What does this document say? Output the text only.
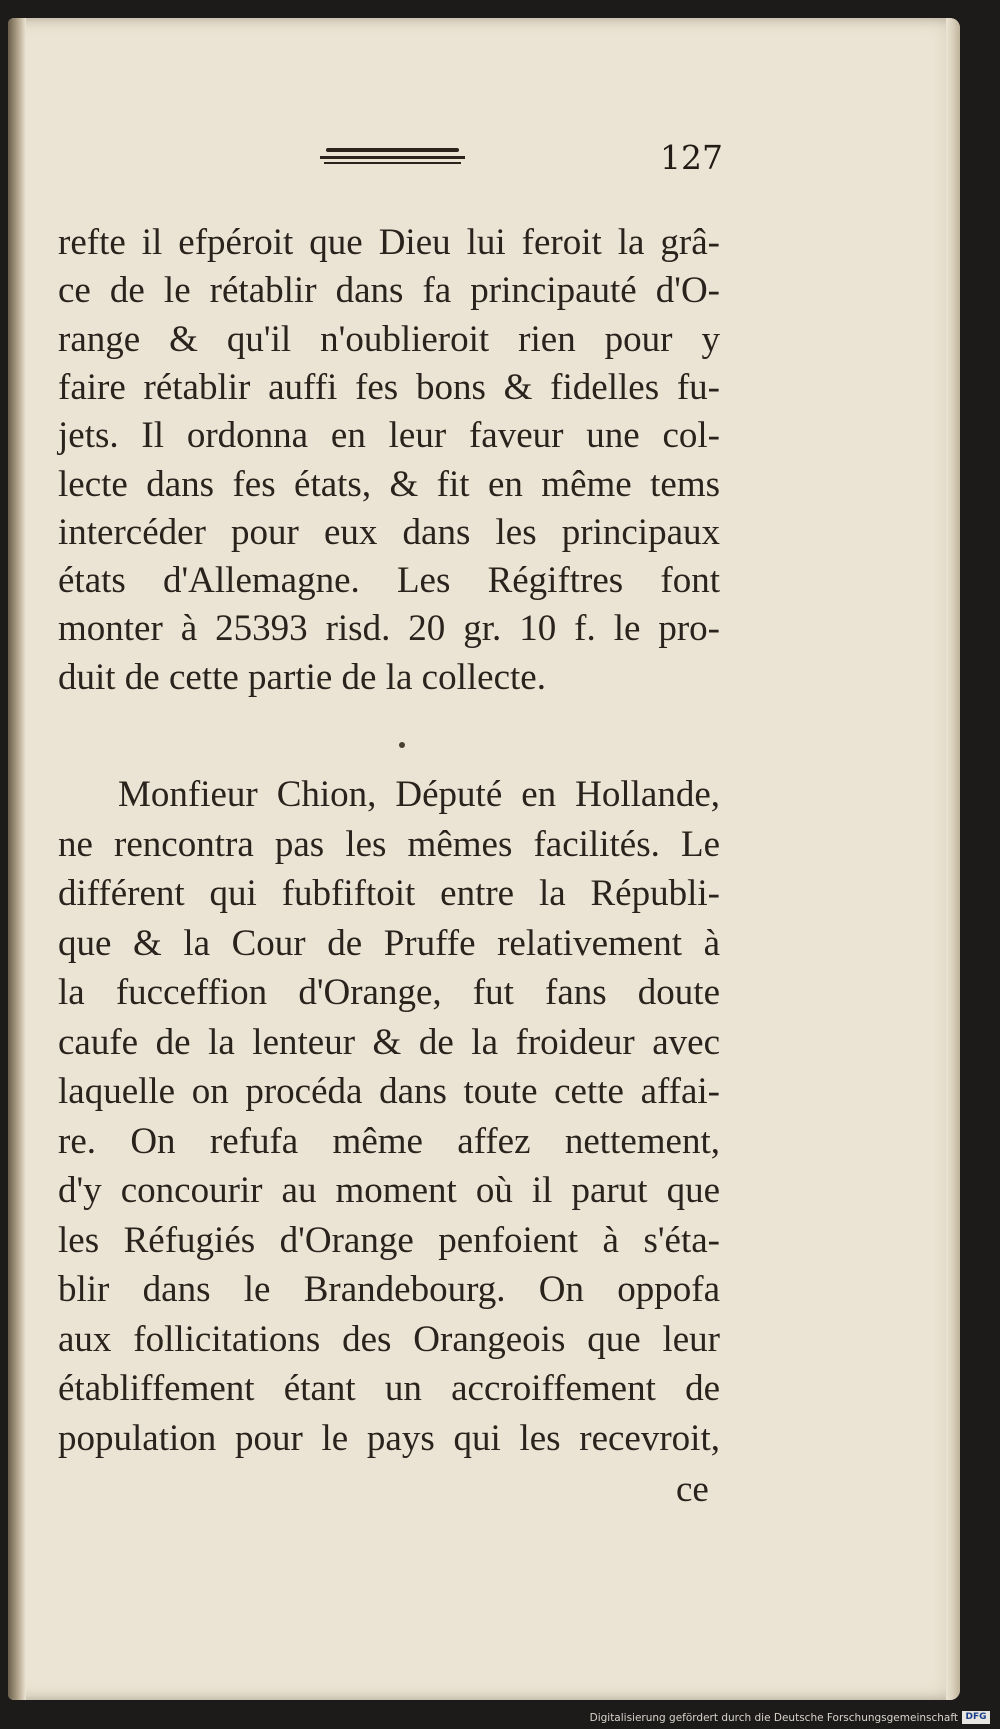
127
refte il efpéroit que Dieu lui feroit la grâ-
ce de le rétablir dans fa principauté d'O-
range & qu'il n'oublieroit rien pour y
faire rétablir auffi fes bons & fidelles fu-
jets. Il ordonna en leur faveur une col-
lecte dans fes états, & fit en même tems
intercéder pour eux dans les principaux
états d'Allemagne. Les Régiftres font
monter à 25393 risd. 20 gr. 10 f. le pro-
duit de cette partie de la collecte.
Monfieur Chion, Député en Hollande,
ne rencontra pas les mêmes facilités. Le
différent qui fubfiftoit entre la Républi-
que & la Cour de Pruffe relativement à
la fucceffion d'Orange, fut fans doute
caufe de la lenteur & de la froideur avec
laquelle on procéda dans toute cette affai-
re. On refufa même affez nettement,
d'y concourir au moment où il parut que
les Réfugiés d'Orange penfoient à s'éta-
blir dans le Brandebourg. On oppofa
aux follicitations des Orangeois que leur
établiffement étant un accroiffement de
population pour le pays qui les recevroit,
ce
Digitalisierung gefördert durch die Deutsche Forschungsgemeinschaft DFG
